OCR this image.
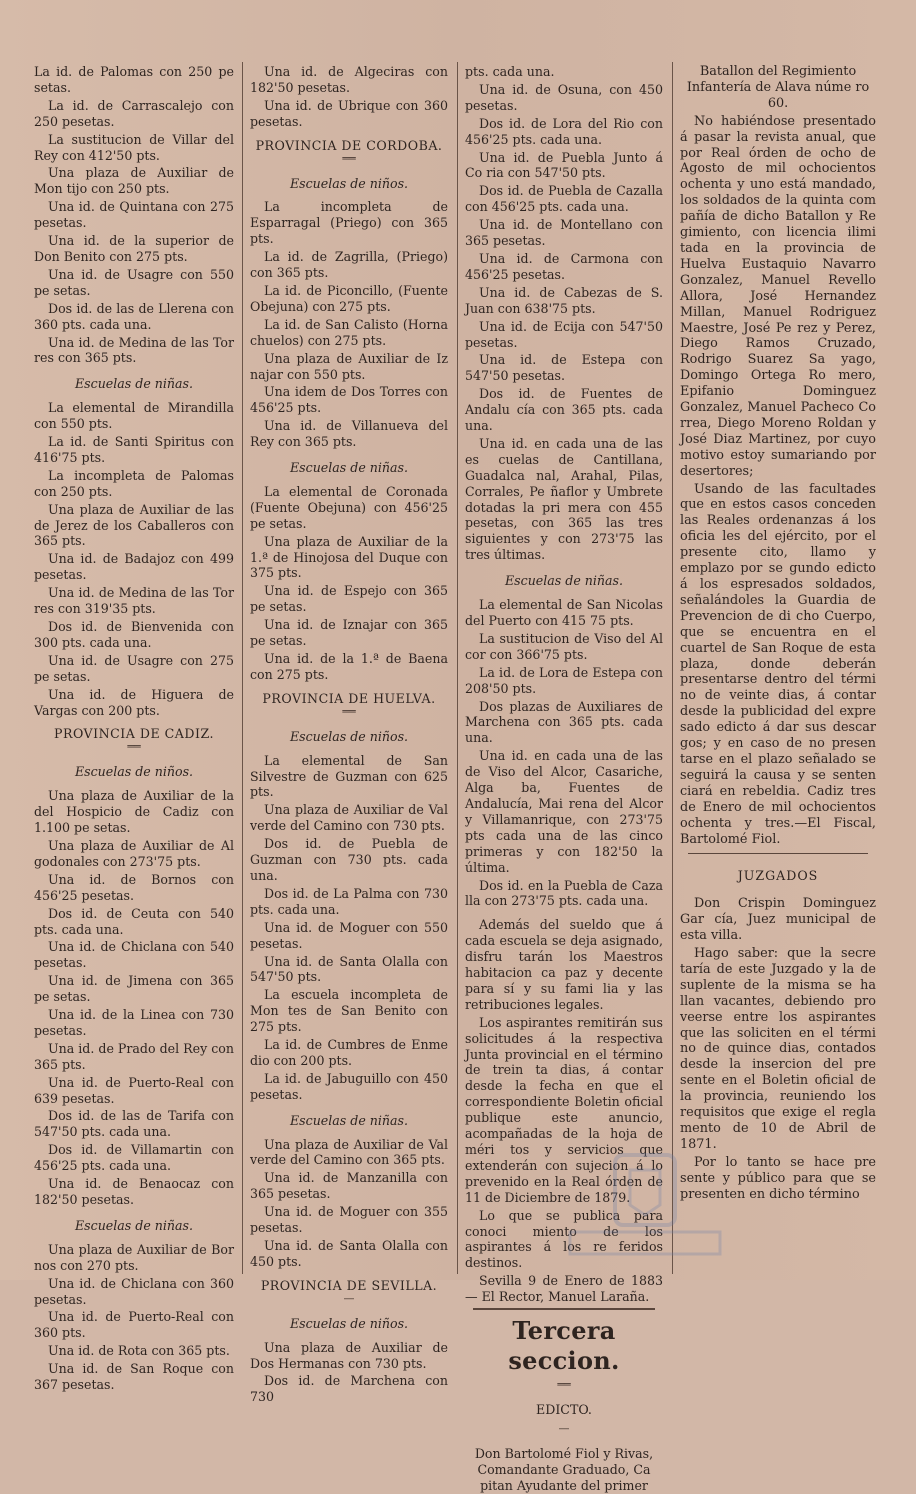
La id. de Palomas con 250 pe setas.

La id. de Carrascalejo con 250 pesetas.

La sustitucion de Villar del Rey con 412'50 pts.

Una plaza de Auxiliar de Mon tijo con 250 pts.

Una id. de Quintana con 275 pesetas.

Una id. de la superior de Don Benito con 275 pts.

Una id. de Usagre con 550 pe setas.

Dos id. de las de Llerena con 360 pts. cada una.

Una id. de Medina de las Tor res con 365 pts.

Escuelas de niñas.

La elemental de Mirandilla con 550 pts.

La id. de Santi Spiritus con 416'75 pts.

La incompleta de Palomas con 250 pts.

Una plaza de Auxiliar de las de Jerez de los Caballeros con 365 pts.

Una id. de Badajoz con 499 pesetas.

Una id. de Medina de las Tor res con 319'35 pts.

Dos id. de Bienvenida con 300 pts. cada una.

Una id. de Usagre con 275 pe setas.

Una id. de Higuera de Vargas con 200 pts.

PROVINCIA DE CADIZ.
══
Escuelas de niños.

Una plaza de Auxiliar de la del Hospicio de Cadiz con 1.100 pe setas.

Una plaza de Auxiliar de Al godonales con 273'75 pts.

Una id. de Bornos con 456'25 pesetas.

Dos id. de Ceuta con 540 pts. cada una.

Una id. de Chiclana con 540 pesetas.

Una id. de Jimena con 365 pe setas.

Una id. de la Linea con 730 pesetas.

Una id. de Prado del Rey con 365 pts.

Una id. de Puerto-Real con 639 pesetas.

Dos id. de las de Tarifa con 547'50 pts. cada una.

Dos id. de Villamartin con 456'25 pts. cada una.

Una id. de Benaocaz con 182'50 pesetas.

Escuelas de niñas.

Una plaza de Auxiliar de Bor nos con 270 pts.

Una id. de Chiclana con 360 pesetas.

Una id. de Puerto-Real con 360 pts.

Una id. de Rota con 365 pts.

Una id. de San Roque con 367 pesetas.

Una id. de Algeciras con 182'50 pesetas.

Una id. de Ubrique con 360 pesetas.

PROVINCIA DE CORDOBA.
══
Escuelas de niños.

La incompleta de Esparragal (Priego) con 365 pts.

La id. de Zagrilla, (Priego) con 365 pts.

La id. de Piconcillo, (Fuente Obejuna) con 275 pts.

La id. de San Calisto (Horna chuelos) con 275 pts.

Una plaza de Auxiliar de Iz najar con 550 pts.

Una idem de Dos Torres con 456'25 pts.

Una id. de Villanueva del Rey con 365 pts.

Escuelas de niñas.

La elemental de Coronada (Fuente Obejuna) con 456'25 pe setas.

Una plaza de Auxiliar de la 1.ª de Hinojosa del Duque con 375 pts.

Una id. de Espejo con 365 pe setas.

Una id. de Iznajar con 365 pe setas.

Una id. de la 1.ª de Baena con 275 pts.

PROVINCIA DE HUELVA.
══
Escuelas de niños.

La elemental de San Silvestre de Guzman con 625 pts.

Una plaza de Auxiliar de Val verde del Camino con 730 pts.

Dos id. de Puebla de Guzman con 730 pts. cada una.

Dos id. de La Palma con 730 pts. cada una.

Una id. de Moguer con 550 pesetas.

Una id. de Santa Olalla con 547'50 pts.

La escuela incompleta de Mon tes de San Benito con 275 pts.

La id. de Cumbres de Enme dio con 200 pts.

La id. de Jabuguillo con 450 pesetas.

Escuelas de niñas.

Una plaza de Auxiliar de Val verde del Camino con 365 pts.

Una id. de Manzanilla con 365 pesetas.

Una id. de Moguer con 355 pesetas.

Una id. de Santa Olalla con 450 pts.

PROVINCIA DE SEVILLA.
—
Escuelas de niños.

Una plaza de Auxiliar de Dos Hermanas con 730 pts.

Dos id. de Marchena con 730

pts. cada una.

Una id. de Osuna, con 450 pesetas.

Dos id. de Lora del Rio con 456'25 pts. cada una.

Una id. de Puebla Junto á Co ria con 547'50 pts.

Dos id. de Puebla de Cazalla con 456'25 pts. cada una.

Una id. de Montellano con 365 pesetas.

Una id. de Carmona con 456'25 pesetas.

Una id. de Cabezas de S. Juan con 638'75 pts.

Una id. de Ecija con 547'50 pesetas.

Una id. de Estepa con 547'50 pesetas.

Dos id. de Fuentes de Andalu cía con 365 pts. cada una.

Una id. en cada una de las es cuelas de Cantillana, Guadalca nal, Arahal, Pilas, Corrales, Pe ñaflor y Umbrete dotadas la pri mera con 455 pesetas, con 365 las tres siguientes y con 273'75 las tres últimas.

Escuelas de niñas.

La elemental de San Nicolas del Puerto con 415 75 pts.

La sustitucion de Viso del Al cor con 366'75 pts.

La id. de Lora de Estepa con 208'50 pts.

Dos plazas de Auxiliares de Marchena con 365 pts. cada una.

Una id. en cada una de las de Viso del Alcor, Casariche, Alga ba, Fuentes de Andalucía, Mai rena del Alcor y Villamanrique, con 273'75 pts cada una de las cinco primeras y con 182'50 la última.

Dos id. en la Puebla de Caza lla con 273'75 pts. cada una.

Además del sueldo que á cada escuela se deja asignado, disfru tarán los Maestros habitacion ca paz y decente para sí y su fami lia y las retribuciones legales.

Los aspirantes remitirán sus solicitudes á la respectiva Junta provincial en el término de trein ta dias, á contar desde la fecha en que el correspondiente Boletin oficial publique este anuncio, acompañadas de la hoja de méri tos y servicios que extenderán con sujecion á lo prevenido en la Real órden de 11 de Diciembre de 1879.

Lo que se publica para conoci miento de los aspirantes á los re feridos destinos.

Sevilla 9 de Enero de 1883 — El Rector, Manuel Laraña.

Tercera seccion.
══
EDICTO.
—

Don Bartolomé Fiol y Rivas, Comandante Graduado, Ca pitan Ayudante del primer

Batallon del Regimiento Infantería de Alava núme ro 60.

No habiéndose presentado á pasar la revista anual, que por Real órden de ocho de Agosto de mil ochocientos ochenta y uno está mandado, los soldados de la quinta com pañía de dicho Batallon y Re gimiento, con licencia ilimi tada en la provincia de Huelva Eustaquio Navarro Gonzalez, Manuel Revello Allora, José Hernandez Millan, Manuel Rodriguez Maestre, José Pe rez y Perez, Diego Ramos Cruzado, Rodrigo Suarez Sa yago, Domingo Ortega Ro mero, Epifanio Dominguez Gonzalez, Manuel Pacheco Co rrea, Diego Moreno Roldan y José Diaz Martinez, por cuyo motivo estoy sumariando por desertores;

Usando de las facultades que en estos casos conceden las Reales ordenanzas á los oficia les del ejército, por el presente cito, llamo y emplazo por se gundo edicto á los espresados soldados, señalándoles la Guardia de Prevencion de di cho Cuerpo, que se encuentra en el cuartel de San Roque de esta plaza, donde deberán presentarse dentro del térmi no de veinte dias, á contar desde la publicidad del expre sado edicto á dar sus descar gos; y en caso de no presen tarse en el plazo señalado se seguirá la causa y se senten ciará en rebeldia. Cadiz tres de Enero de mil ochocientos ochenta y tres.—El Fiscal, Bartolomé Fiol.

JUZGADOS

Don Crispin Dominguez Gar cía, Juez municipal de esta villa.

Hago saber: que la secre taría de este Juzgado y la de suplente de la misma se ha llan vacantes, debiendo pro veerse entre los aspirantes que las soliciten en el térmi no de quince dias, contados desde la insercion del pre sente en el Boletin oficial de la provincia, reuniendo los requisitos que exige el regla mento de 10 de Abril de 1871.

Por lo tanto se hace pre sente y público para que se presenten en dicho término
